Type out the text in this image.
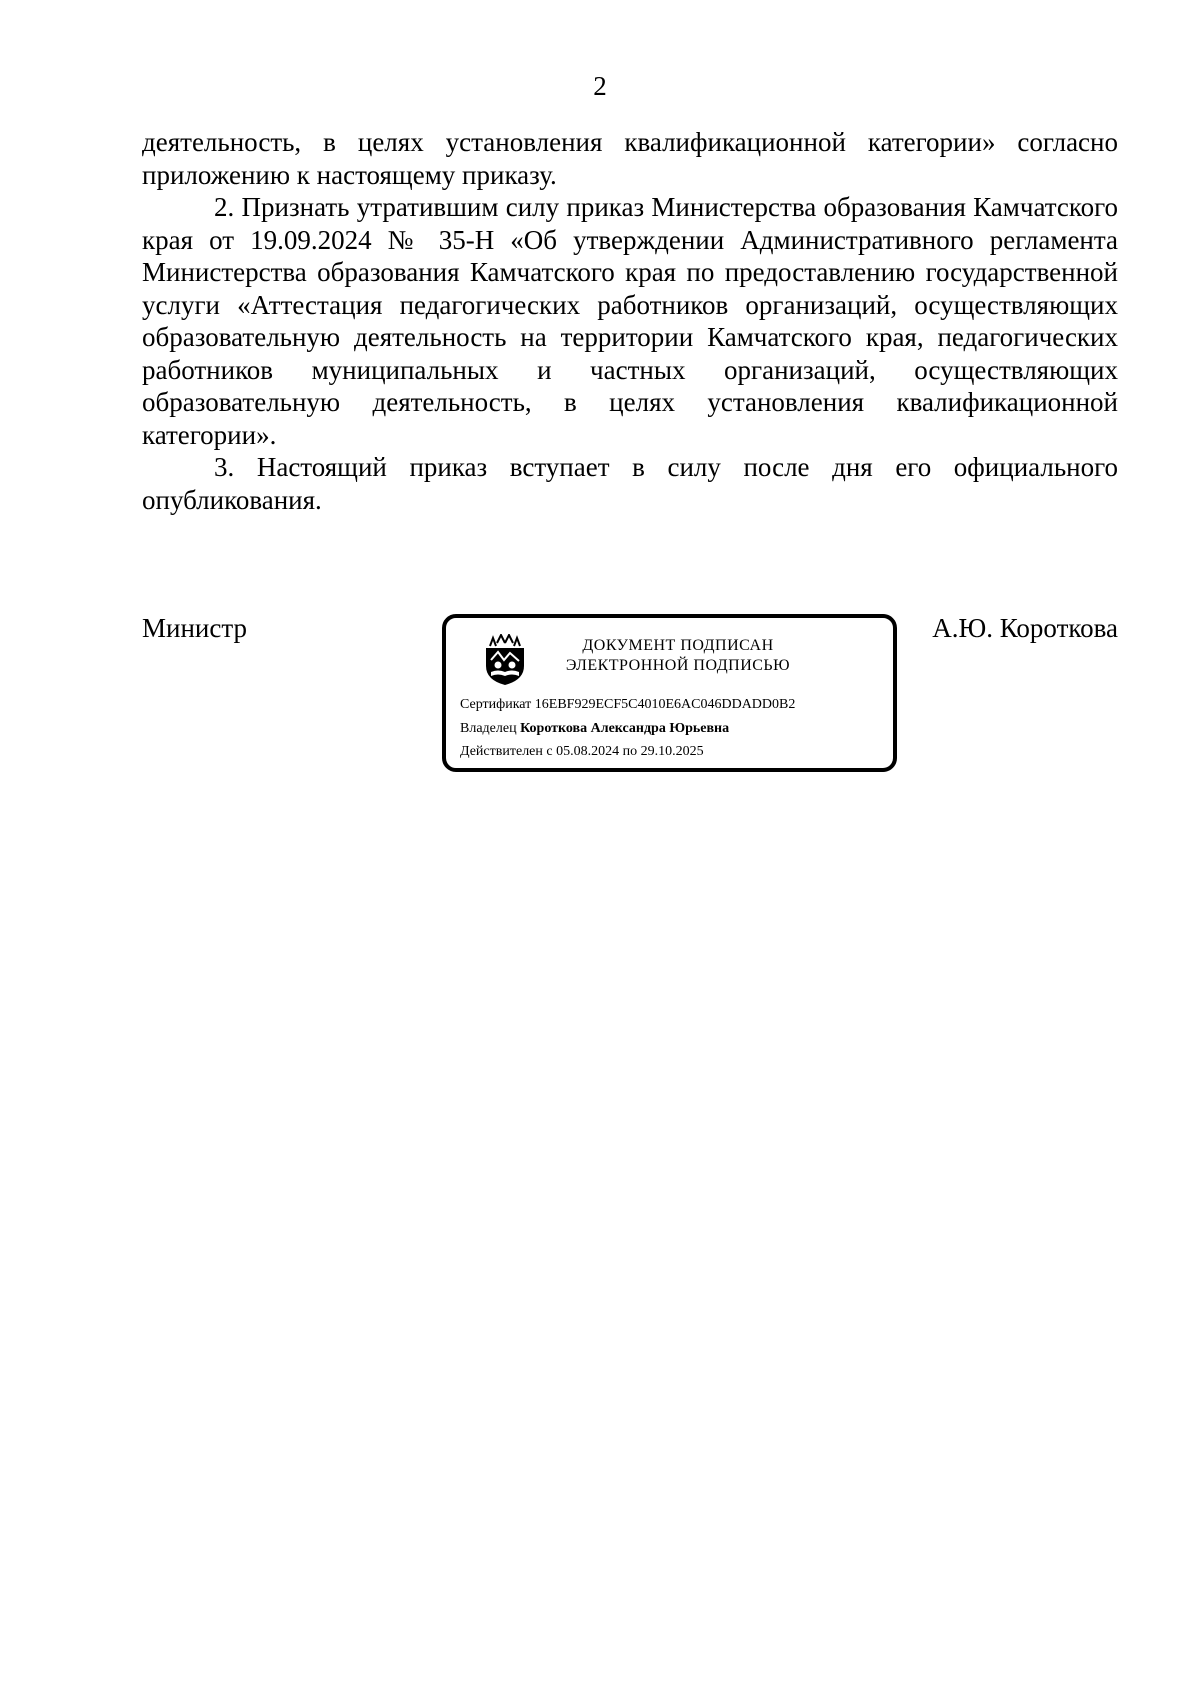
2

деятельность, в целях установления квалификационной категории» согласно приложению к настоящему приказу.

2. Признать утратившим силу приказ Министерства образования Камчатского края от 19.09.2024 № 35-Н «Об утверждении Административного регламента Министерства образования Камчатского края по предоставлению государственной услуги «Аттестация педагогических работников организаций, осуществляющих образовательную деятельность на территории Камчатского края, педагогических работников муниципальных и частных организаций, осуществляющих образовательную деятельность, в целях установления квалификационной категории».

3. Настоящий приказ вступает в силу после дня его официального опубликования.

Министр	А.Ю. Короткова
ДОКУМЕНТ ПОДПИСАН
ЭЛЕКТРОННОЙ ПОДПИСЬЮ
Сертификат 16EBF929ECF5C4010E6AC046DDADD0B2
Владелец Короткова Александра Юрьевна
Действителен с 05.08.2024 по 29.10.2025
